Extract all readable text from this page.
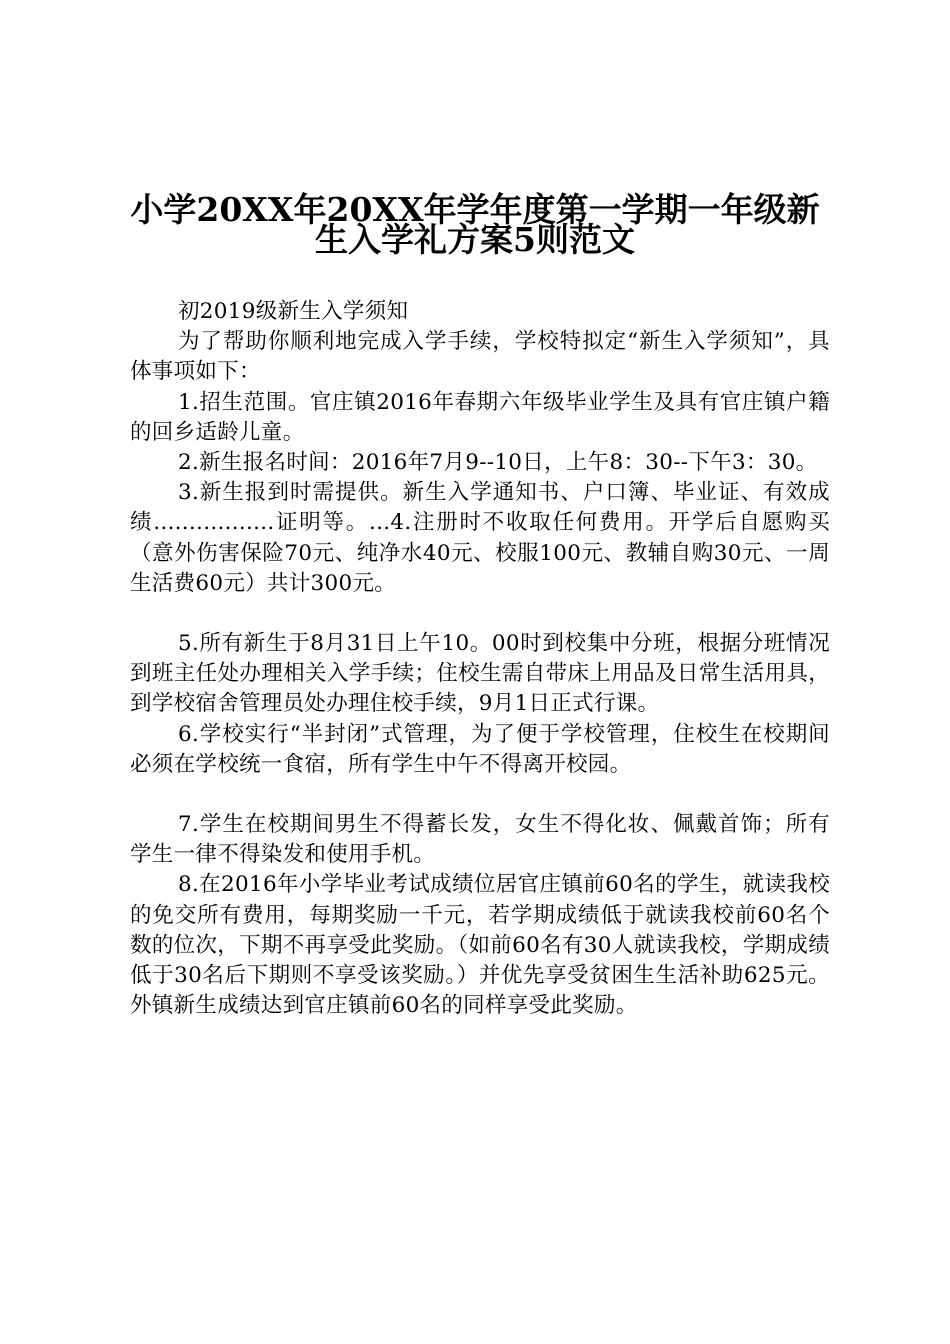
小学20XX年20XX年学年度第一学期一年级新
生入学礼方案5则范文

初2019级新生入学须知

为了帮助你顺利地完成入学手续，学校特拟定“新生入学须知”，具体事项如下：

1.招生范围。官庄镇2016年春期六年级毕业学生及具有官庄镇户籍的回乡适龄儿童。

2.新生报名时间：2016年7月9--10日，上午8：30--下午3：30。

3.新生报到时需提供。新生入学通知书、户口簿、毕业证、有效成绩.................证明等。...4.注册时不收取任何费用。开学后自愿购买（意外伤害保险70元、纯净水40元、校服100元、教辅自购30元、一周生活费60元）共计300元。

5.所有新生于8月31日上午10。00时到校集中分班，根据分班情况到班主任处办理相关入学手续；住校生需自带床上用品及日常生活用具，到学校宿舍管理员处办理住校手续，9月1日正式行课。

6.学校实行“半封闭”式管理，为了便于学校管理，住校生在校期间必须在学校统一食宿，所有学生中午不得离开校园。

7.学生在校期间男生不得蓄长发，女生不得化妆、佩戴首饰；所有学生一律不得染发和使用手机。

8.在2016年小学毕业考试成绩位居官庄镇前60名的学生，就读我校的免交所有费用，每期奖励一千元，若学期成绩低于就读我校前60名个数的位次，下期不再享受此奖励。（如前60名有30人就读我校，学期成绩低于30名后下期则不享受该奖励。）并优先享受贫困生生活补助625元。外镇新生成绩达到官庄镇前60名的同样享受此奖励。
